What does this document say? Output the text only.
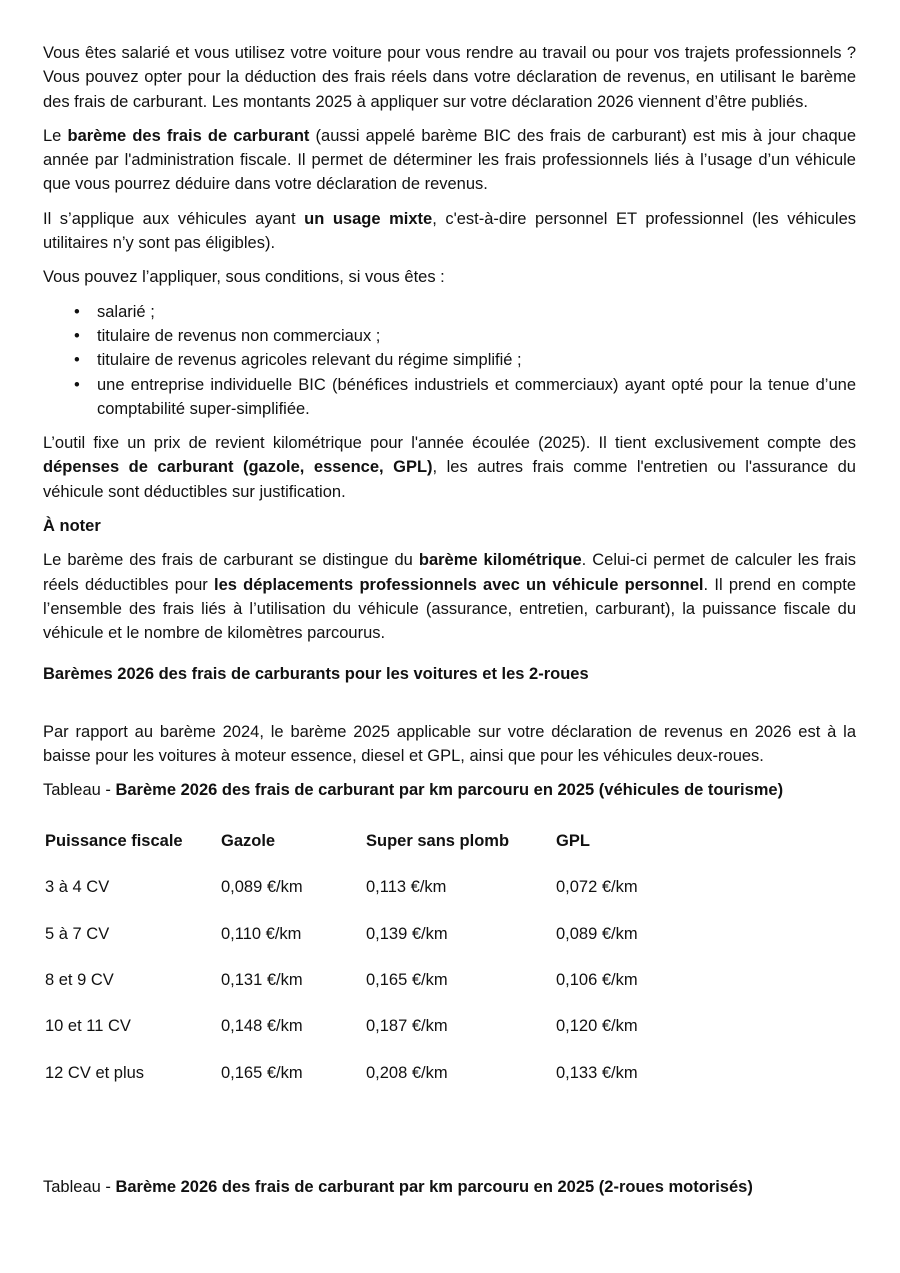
Vous êtes salarié et vous utilisez votre voiture pour vous rendre au travail ou pour vos trajets professionnels ? Vous pouvez opter pour la déduction des frais réels dans votre déclaration de revenus, en utilisant le barème des frais de carburant. Les montants 2025 à appliquer sur votre déclaration 2026 viennent d’être publiés.

Le barème des frais de carburant (aussi appelé barème BIC des frais de carburant) est mis à jour chaque année par l'administration fiscale. Il permet de déterminer les frais professionnels liés à l’usage d’un véhicule que vous pourrez déduire dans votre déclaration de revenus.

Il s’applique aux véhicules ayant un usage mixte, c'est-à-dire personnel ET professionnel (les véhicules utilitaires n’y sont pas éligibles).

Vous pouvez l’appliquer, sous conditions, si vous êtes :

• salarié ;
• titulaire de revenus non commerciaux ;
• titulaire de revenus agricoles relevant du régime simplifié ;
• une entreprise individuelle BIC (bénéfices industriels et commerciaux) ayant opté pour la tenue d’une comptabilité super-simplifiée.

L’outil fixe un prix de revient kilométrique pour l'année écoulée (2025). Il tient exclusivement compte des dépenses de carburant (gazole, essence, GPL), les autres frais comme l'entretien ou l'assurance du véhicule sont déductibles sur justification.

À noter

Le barème des frais de carburant se distingue du barème kilométrique. Celui-ci permet de calculer les frais réels déductibles pour les déplacements professionnels avec un véhicule personnel. Il prend en compte l’ensemble des frais liés à l’utilisation du véhicule (assurance, entretien, carburant), la puissance fiscale du véhicule et le nombre de kilomètres parcourus.

Barèmes 2026 des frais de carburants pour les voitures et les 2-roues

Par rapport au barème 2024, le barème 2025 applicable sur votre déclaration de revenus en 2026 est à la baisse pour les voitures à moteur essence, diesel et GPL, ainsi que pour les véhicules deux-roues.

Tableau - Barème 2026 des frais de carburant par km parcouru en 2025 (véhicules de tourisme)

Puissance fiscale	Gazole	Super sans plomb	GPL
3 à 4 CV	0,089 €/km	0,113 €/km	0,072 €/km
5 à 7 CV	0,110 €/km	0,139 €/km	0,089 €/km
8 et 9 CV	0,131 €/km	0,165 €/km	0,106 €/km
10 et 11 CV	0,148 €/km	0,187 €/km	0,120 €/km
12 CV et plus	0,165 €/km	0,208 €/km	0,133 €/km

Tableau - Barème 2026 des frais de carburant par km parcouru en 2025 (2-roues motorisés)
